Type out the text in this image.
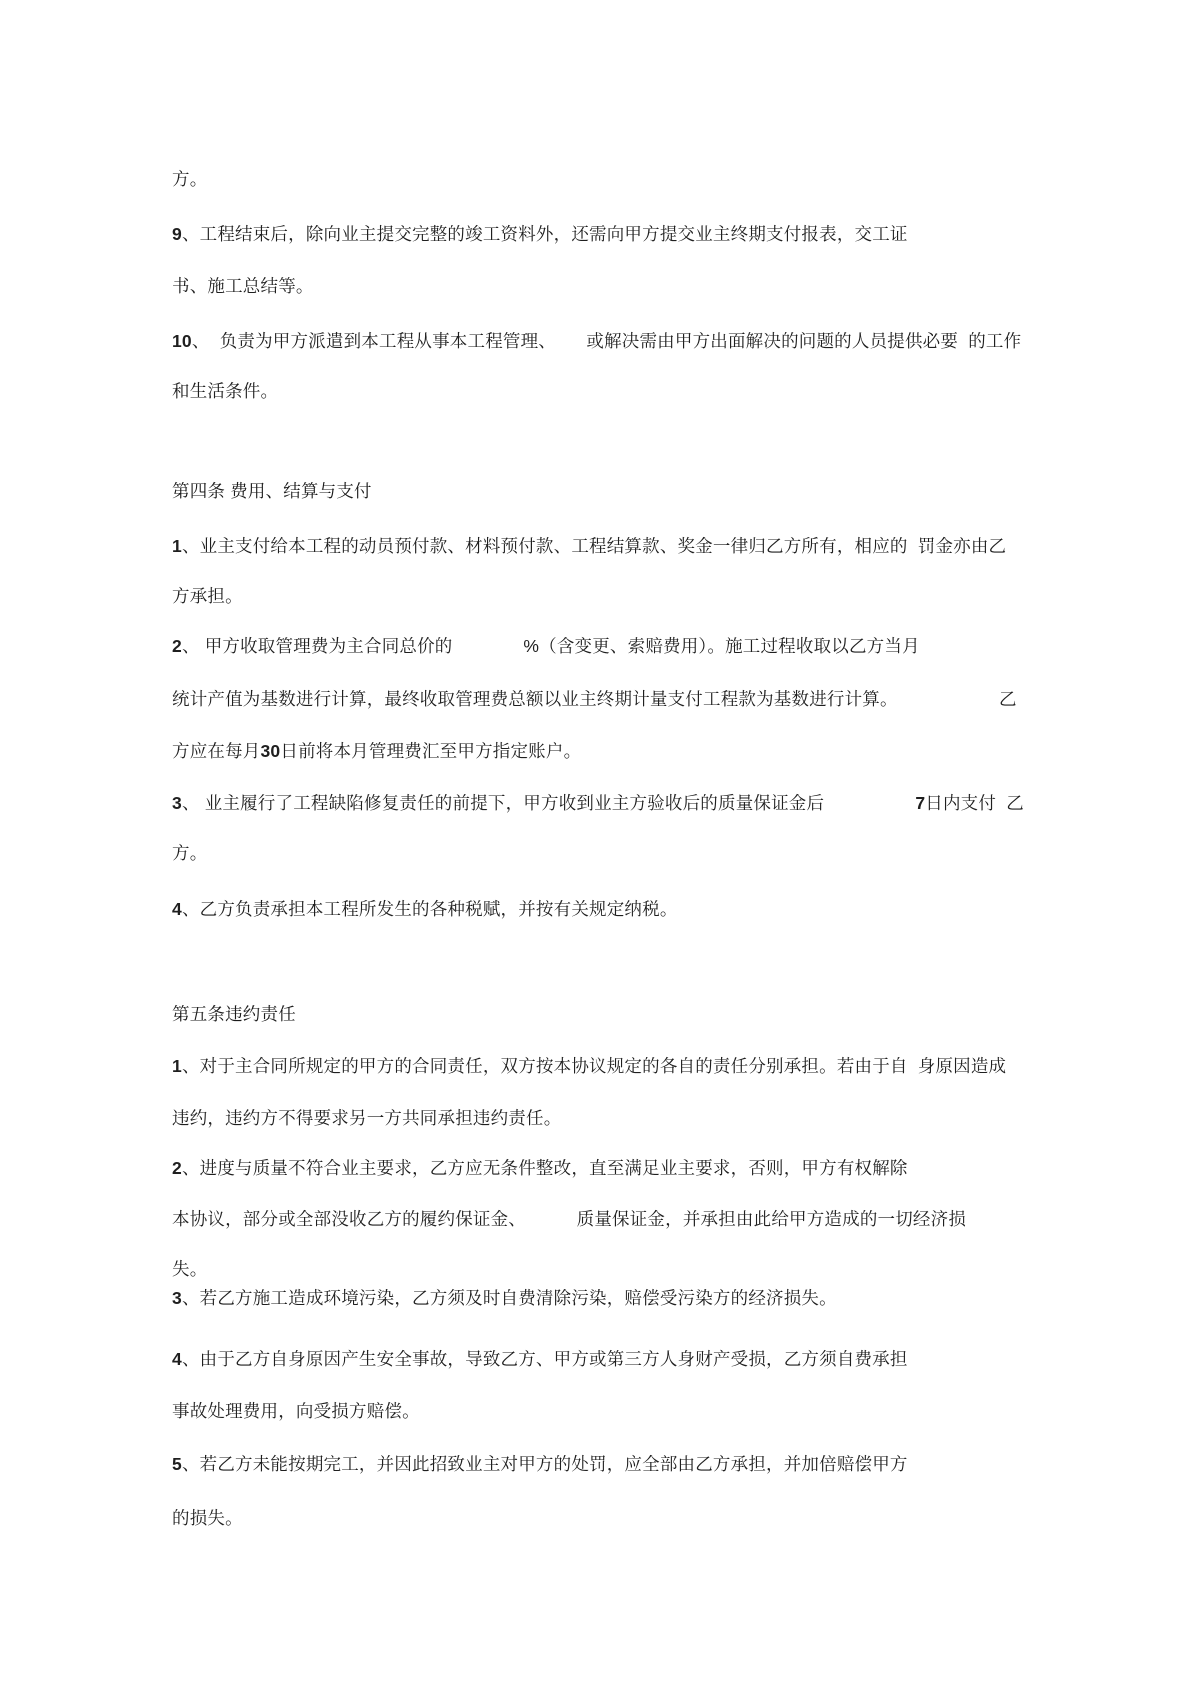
方。
9、工程结束后，除向业主提交完整的竣工资料外，还需向甲方提交业主终期支付报表，交工证
书、施工总结等。
10、  负责为甲方派遣到本工程从事本工程管理、      或解决需由甲方出面解决的问题的人员提供必要  的工作
和生活条件。
第四条 费用、结算与支付
1、业主支付给本工程的动员预付款、材料预付款、工程结算款、奖金一律归乙方所有，相应的  罚金亦由乙
方承担。
2、 甲方收取管理费为主合同总价的              %（含变更、索赔费用）。施工过程收取以乙方当月
统计产值为基数进行计算，最终收取管理费总额以业主终期计量支付工程款为基数进行计算。                    乙
方应在每月30日前将本月管理费汇至甲方指定账户。
3、 业主履行了工程缺陷修复责任的前提下，甲方收到业主方验收后的质量保证金后                  7日内支付  乙
方。
4、乙方负责承担本工程所发生的各种税赋，并按有关规定纳税。
第五条违约责任
1、对于主合同所规定的甲方的合同责任，双方按本协议规定的各自的责任分别承担。若由于自  身原因造成
违约，违约方不得要求另一方共同承担违约责任。
2、进度与质量不符合业主要求，乙方应无条件整改，直至满足业主要求，否则，甲方有权解除
本协议，部分或全部没收乙方的履约保证金、          质量保证金，并承担由此给甲方造成的一切经济损
失。
3、若乙方施工造成环境污染，乙方须及时自费清除污染，赔偿受污染方的经济损失。
4、由于乙方自身原因产生安全事故，导致乙方、甲方或第三方人身财产受损，乙方须自费承担
事故处理费用，向受损方赔偿。
5、若乙方未能按期完工，并因此招致业主对甲方的处罚，应全部由乙方承担，并加倍赔偿甲方
的损失。
